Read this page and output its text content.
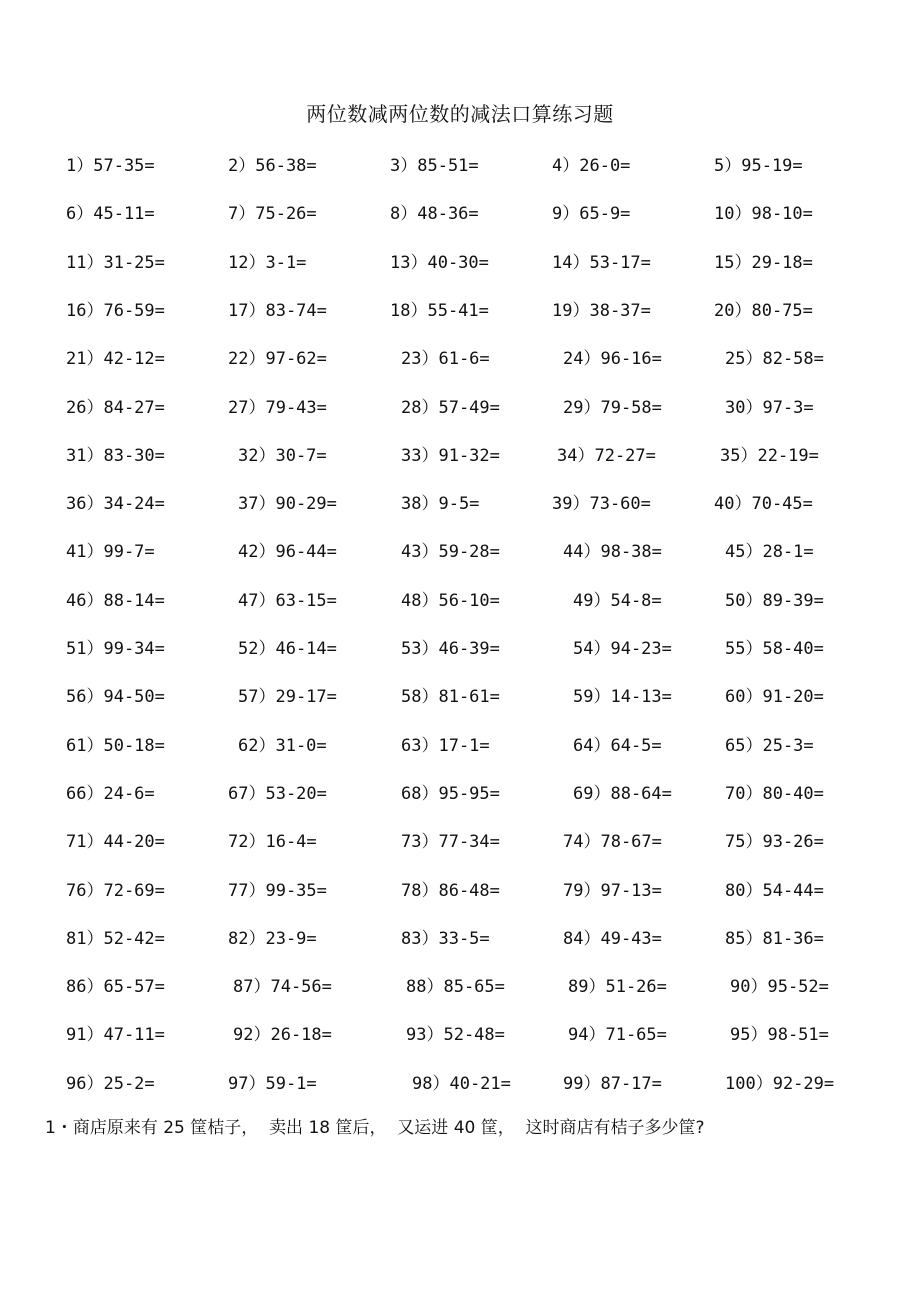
两位数减两位数的减法口算练习题
1）57-35=	2）56-38=	3）85-51=	4）26-0=	5）95-19=
6）45-11=	7）75-26=	8）48-36=	9）65-9=	10）98-10=
11）31-25=	12）3-1=	13）40-30=	14）53-17=	15）29-18=
16）76-59=	17）83-74=	18）55-41=	19）38-37=	20）80-75=
21）42-12=	22）97-62=	23）61-6=	24）96-16=	25）82-58=
26）84-27=	27）79-43=	28）57-49=	29）79-58=	30）97-3=
31）83-30=	32）30-7=	33）91-32=	34）72-27=	35）22-19=
36）34-24=	37）90-29=	38）9-5=	39）73-60=	40）70-45=
41）99-7=	42）96-44=	43）59-28=	44）98-38=	45）28-1=
46）88-14=	47）63-15=	48）56-10=	49）54-8=	50）89-39=
51）99-34=	52）46-14=	53）46-39=	54）94-23=	55）58-40=
56）94-50=	57）29-17=	58）81-61=	59）14-13=	60）91-20=
61）50-18=	62）31-0=	63）17-1=	64）64-5=	65）25-3=
66）24-6=	67）53-20=	68）95-95=	69）88-64=	70）80-40=
71）44-20=	72）16-4=	73）77-34=	74）78-67=	75）93-26=
76）72-69=	77）99-35=	78）86-48=	79）97-13=	80）54-44=
81）52-42=	82）23-9=	83）33-5=	84）49-43=	85）81-36=
86）65-57=	87）74-56=	88）85-65=	89）51-26=	90）95-52=
91）47-11=	92）26-18=	93）52-48=	94）71-65=	95）98-51=
96）25-2=	97）59-1=	98）40-21=	99）87-17=	100）92-29=
1・商店原来有 25 筐桔子，  卖出 18 筐后，  又运进 40 筐，  这时商店有桔子多少筐?
